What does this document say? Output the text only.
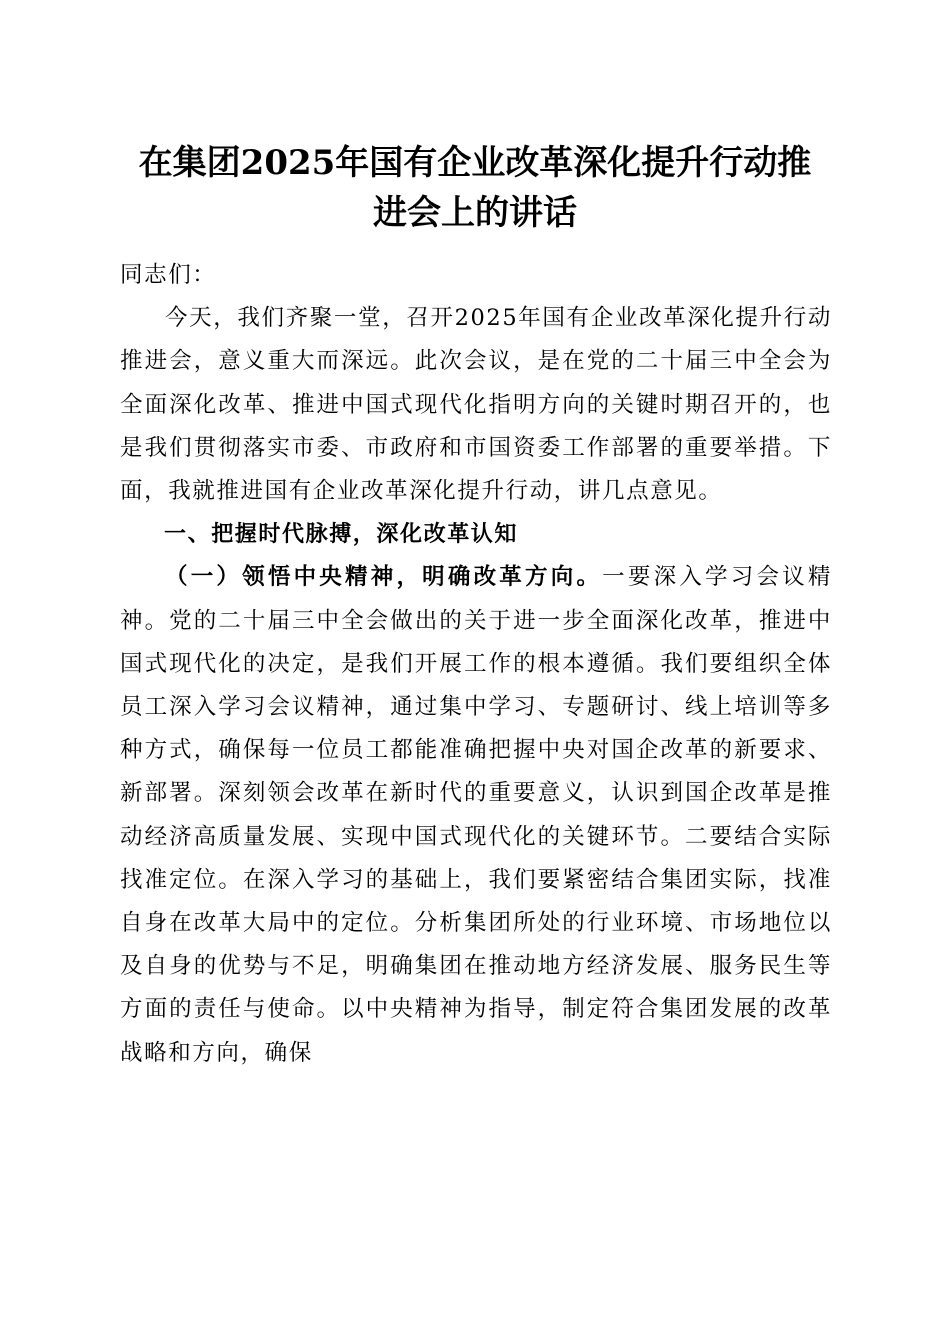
在集团2025年国有企业改革深化提升行动推
进会上的讲话

同志们：

今天，我们齐聚一堂，召开2025年国有企业改革深化提升行动推进会，意义重大而深远。此次会议，是在党的二十届三中全会为全面深化改革、推进中国式现代化指明方向的关键时期召开的，也是我们贯彻落实市委、市政府和市国资委工作部署的重要举措。下面，我就推进国有企业改革深化提升行动，讲几点意见。

一、把握时代脉搏，深化改革认知

（一）领悟中央精神，明确改革方向。一要深入学习会议精神。党的二十届三中全会做出的关于进一步全面深化改革，推进中国式现代化的决定，是我们开展工作的根本遵循。我们要组织全体员工深入学习会议精神，通过集中学习、专题研讨、线上培训等多种方式，确保每一位员工都能准确把握中央对国企改革的新要求、新部署。深刻领会改革在新时代的重要意义，认识到国企改革是推动经济高质量发展、实现中国式现代化的关键环节。二要结合实际找准定位。在深入学习的基础上，我们要紧密结合集团实际，找准自身在改革大局中的定位。分析集团所处的行业环境、市场地位以及自身的优势与不足，明确集团在推动地方经济发展、服务民生等方面的责任与使命。以中央精神为指导，制定符合集团发展的改革战略和方向，确保
